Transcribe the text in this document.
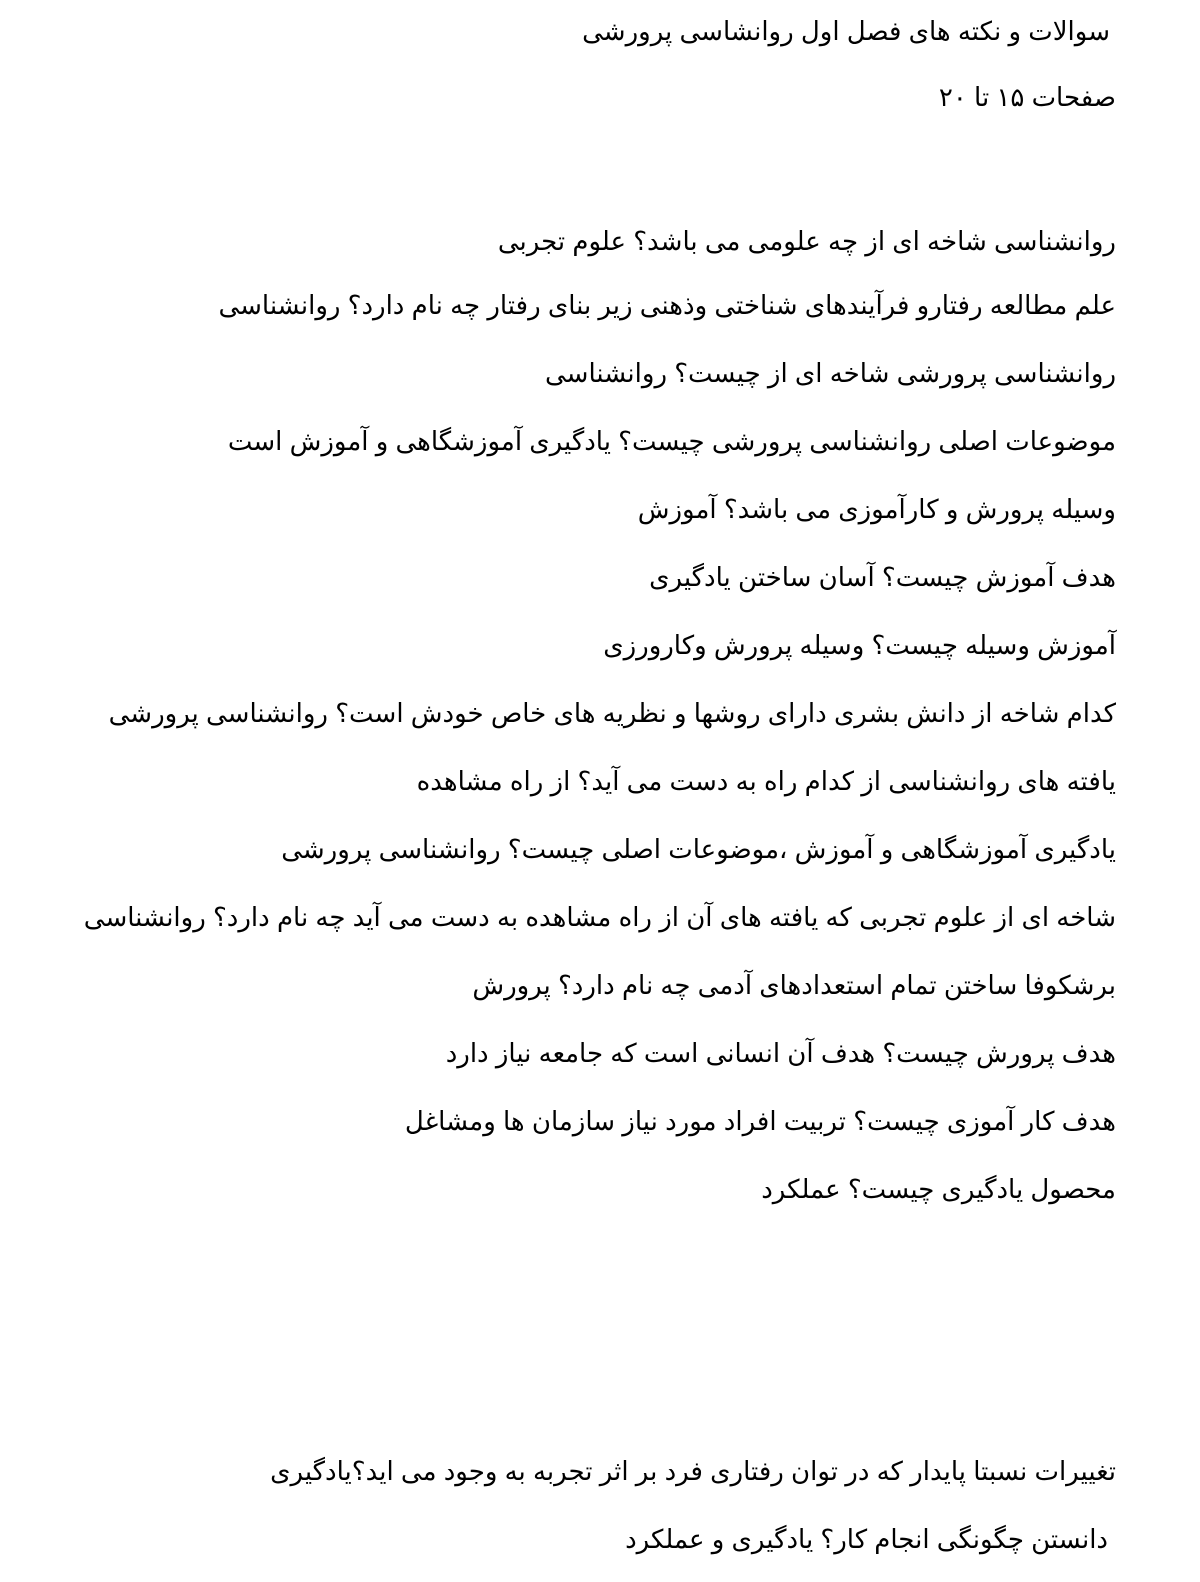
سوالات و نکته های فصل اول روانشاسی پرورشی

صفحات ۱۵ تا ۲۰

روانشناسی شاخه ای از چه علومی می باشد؟ علوم تجربی

علم مطالعه رفتارو فرآیندهای شناختی وذهنی زیر بنای رفتار چه نام دارد؟ روانشناسی

روانشناسی پرورشی شاخه ای از چیست؟ روانشناسی

موضوعات اصلی روانشناسی پرورشی چیست؟ یادگیری آموزشگاهی و آموزش است

وسیله پرورش و کارآموزی می باشد؟ آموزش

هدف آموزش چیست؟ آسان ساختن یادگیری

آموزش وسیله چیست؟ وسیله پرورش وکارورزی

کدام شاخه از دانش بشری دارای روشها و نظریه های خاص خودش است؟ روانشناسی پرورشی

یافته های روانشناسی از کدام راه به دست می آید؟ از راه مشاهده

یادگیری آموزشگاهی و آموزش ،موضوعات اصلی چیست؟ روانشناسی پرورشی

شاخه ای از علوم تجربی که یافته های آن از راه مشاهده به دست می آید چه نام دارد؟ روانشناسی

برشکوفا ساختن تمام استعدادهای آدمی چه نام دارد؟ پرورش

هدف پرورش چیست؟ هدف آن انسانی است که جامعه نیاز دارد

هدف کار آموزی چیست؟ تربیت افراد مورد نیاز سازمان ها ومشاغل

محصول یادگیری چیست؟ عملکرد

تغییرات نسبتا پایدار که در توان رفتاری فرد بر اثر تجربه به وجود می اید؟یادگیری

دانستن چگونگی انجام کار؟ یادگیری و عملکرد
